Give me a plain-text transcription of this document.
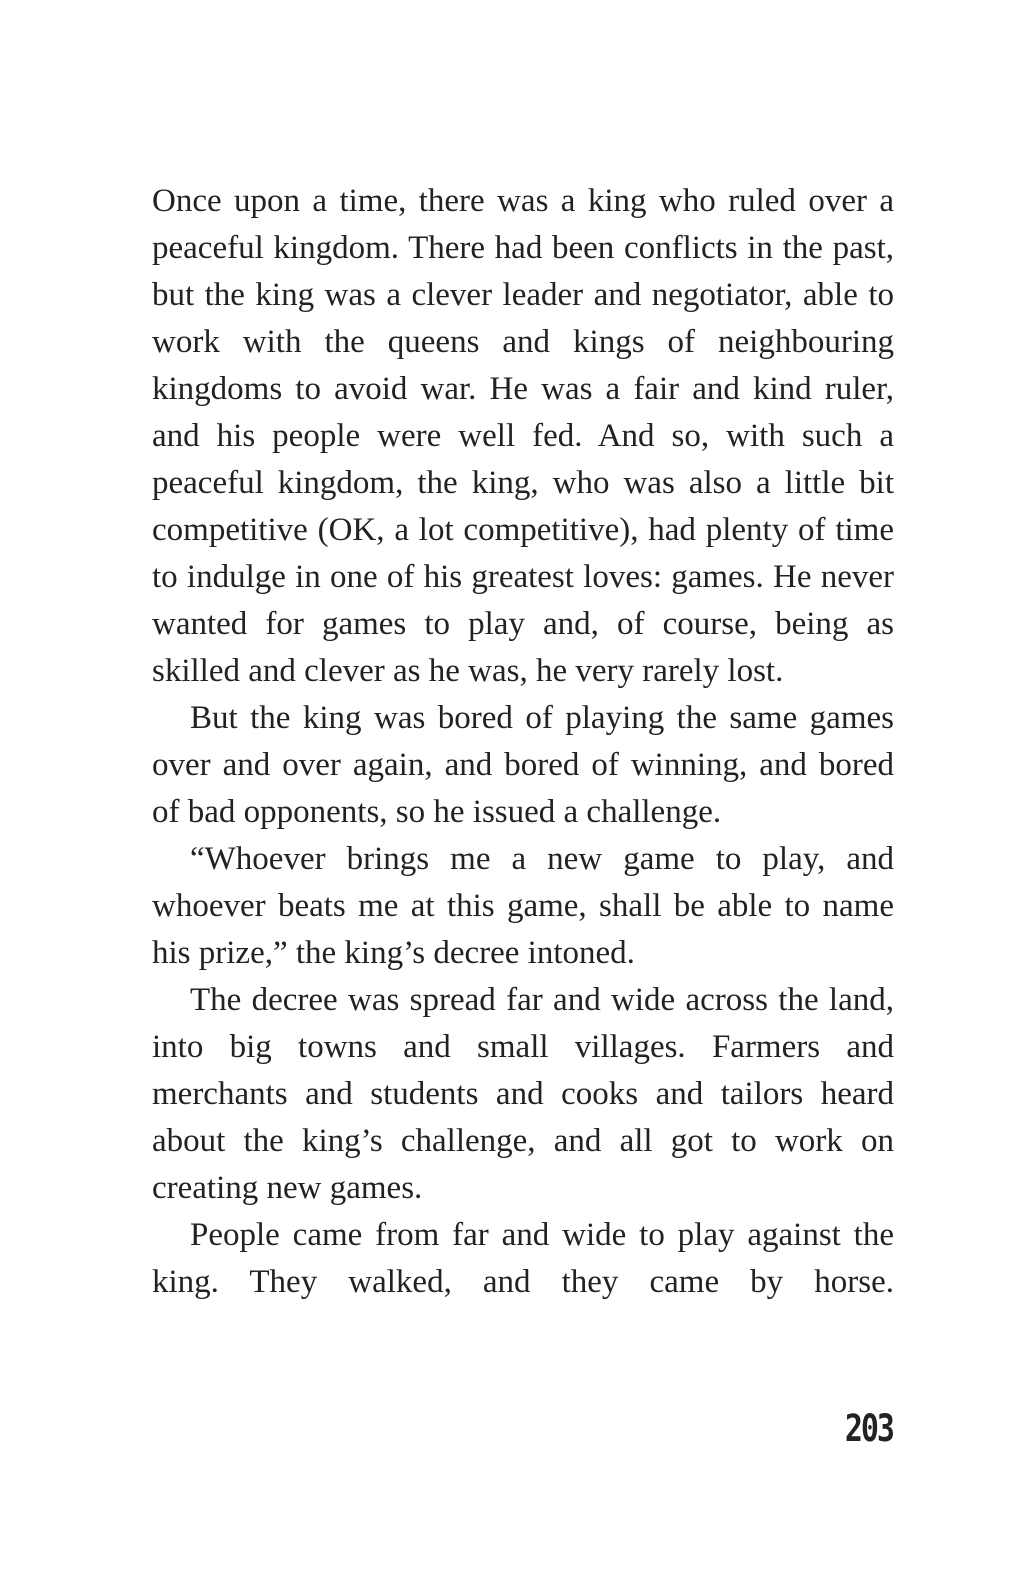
Once upon a time, there was a king who ruled over a peaceful kingdom. There had been conflicts in the past, but the king was a clever leader and negotiator, able to work with the queens and kings of neighbouring kingdoms to avoid war. He was a fair and kind ruler, and his people were well fed. And so, with such a peaceful kingdom, the king, who was also a little bit competitive (OK, a lot competitive), had plenty of time to indulge in one of his greatest loves: games. He never wanted for games to play and, of course, being as skilled and clever as he was, he very rarely lost.

But the king was bored of playing the same games over and over again, and bored of winning, and bored of bad opponents, so he issued a challenge.

“Whoever brings me a new game to play, and whoever beats me at this game, shall be able to name his prize,” the king’s decree intoned.

The decree was spread far and wide across the land, into big towns and small villages. Farmers and merchants and students and cooks and tailors heard about the king’s challenge, and all got to work on creating new games.

People came from far and wide to play against the king. They walked, and they came by horse.

203
